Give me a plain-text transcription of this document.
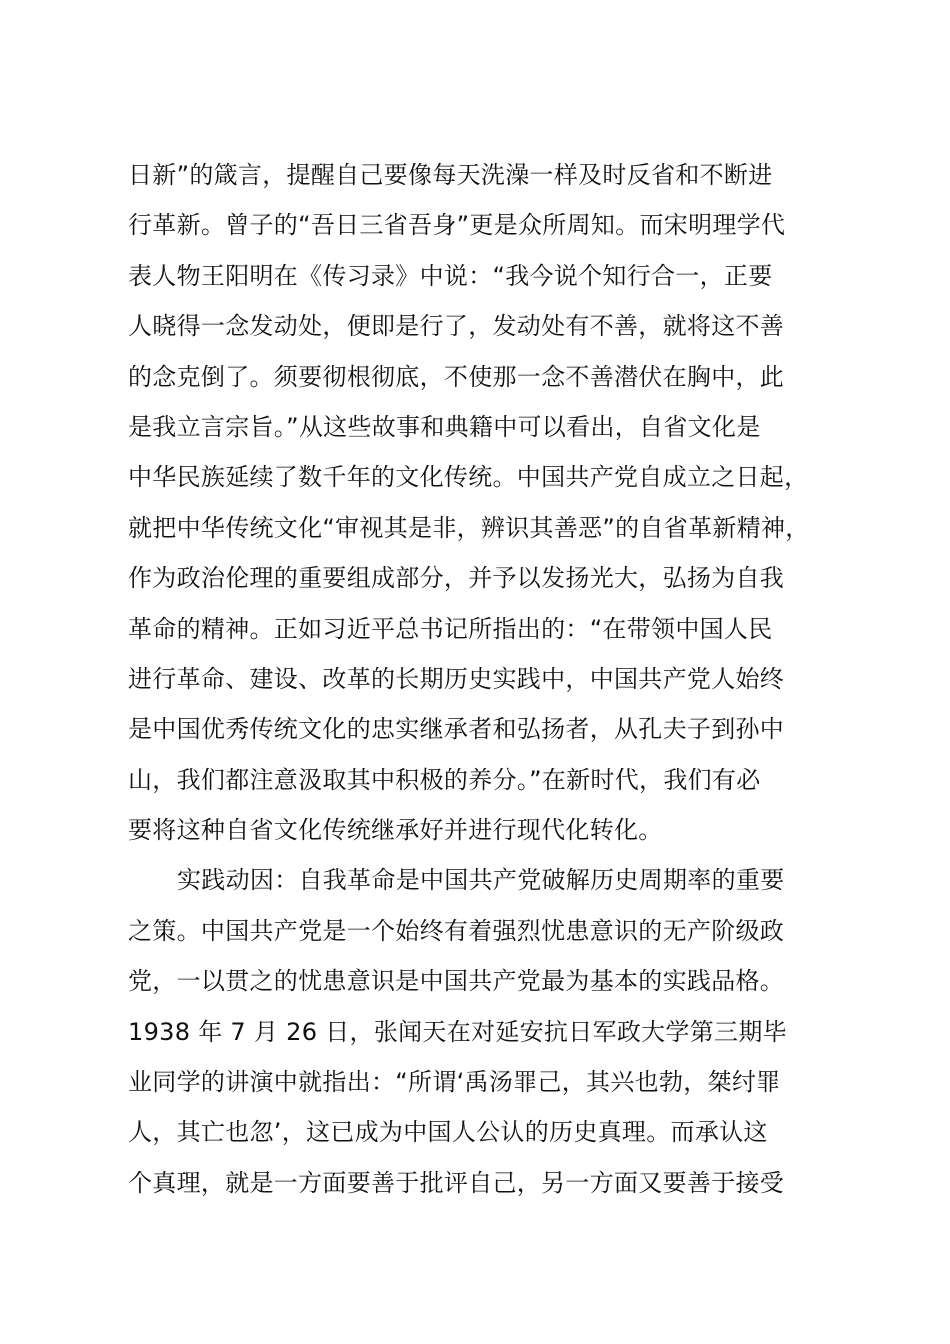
日新”的箴言，提醒自己要像每天洗澡一样及时反省和不断进
行革新。曾子的“吾日三省吾身”更是众所周知。而宋明理学代
表人物王阳明在《传习录》中说：“我今说个知行合一，正要
人晓得一念发动处，便即是行了，发动处有不善，就将这不善
的念克倒了。须要彻根彻底，不使那一念不善潜伏在胸中，此
是我立言宗旨。”从这些故事和典籍中可以看出，自省文化是
中华民族延续了数千年的文化传统。中国共产党自成立之日起，
就把中华传统文化“审视其是非，辨识其善恶”的自省革新精神，
作为政治伦理的重要组成部分，并予以发扬光大，弘扬为自我
革命的精神。正如习近平总书记所指出的：“在带领中国人民
进行革命、建设、改革的长期历史实践中，中国共产党人始终
是中国优秀传统文化的忠实继承者和弘扬者，从孔夫子到孙中
山，我们都注意汲取其中积极的养分。”在新时代，我们有必
要将这种自省文化传统继承好并进行现代化转化。
实践动因：自我革命是中国共产党破解历史周期率的重要
之策。中国共产党是一个始终有着强烈忧患意识的无产阶级政
党，一以贯之的忧患意识是中国共产党最为基本的实践品格。
1938 年 7 月 26 日，张闻天在对延安抗日军政大学第三期毕
业同学的讲演中就指出：“所谓‘禹汤罪己，其兴也勃，桀纣罪
人，其亡也忽’，这已成为中国人公认的历史真理。而承认这
个真理，就是一方面要善于批评自己，另一方面又要善于接受
